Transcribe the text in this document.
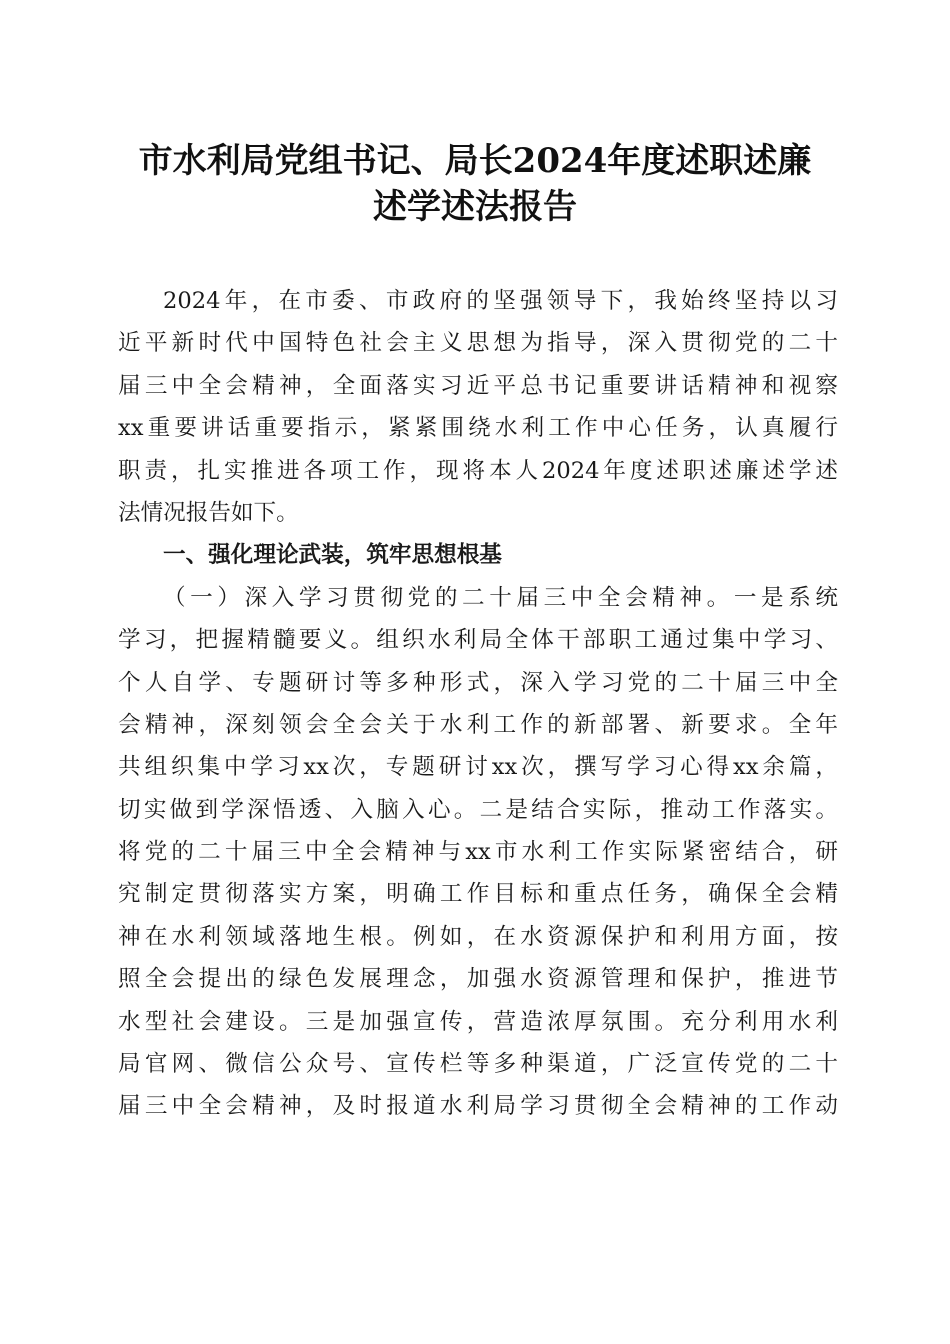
市水利局党组书记、局长2024年度述职述廉
述学述法报告
2024年，在市委、市政府的坚强领导下，我始终坚持以习
近平新时代中国特色社会主义思想为指导，深入贯彻党的二十
届三中全会精神，全面落实习近平总书记重要讲话精神和视察
xx重要讲话重要指示，紧紧围绕水利工作中心任务，认真履行
职责，扎实推进各项工作，现将本人2024年度述职述廉述学述
法情况报告如下。
一、强化理论武装，筑牢思想根基
（一）深入学习贯彻党的二十届三中全会精神。一是系统
学习，把握精髓要义。组织水利局全体干部职工通过集中学习、
个人自学、专题研讨等多种形式，深入学习党的二十届三中全
会精神，深刻领会全会关于水利工作的新部署、新要求。全年
共组织集中学习xx次，专题研讨xx次，撰写学习心得xx余篇，
切实做到学深悟透、入脑入心。二是结合实际，推动工作落实。
将党的二十届三中全会精神与xx市水利工作实际紧密结合，研
究制定贯彻落实方案，明确工作目标和重点任务，确保全会精
神在水利领域落地生根。例如，在水资源保护和利用方面，按
照全会提出的绿色发展理念，加强水资源管理和保护，推进节
水型社会建设。三是加强宣传，营造浓厚氛围。充分利用水利
局官网、微信公众号、宣传栏等多种渠道，广泛宣传党的二十
届三中全会精神，及时报道水利局学习贯彻全会精神的工作动
